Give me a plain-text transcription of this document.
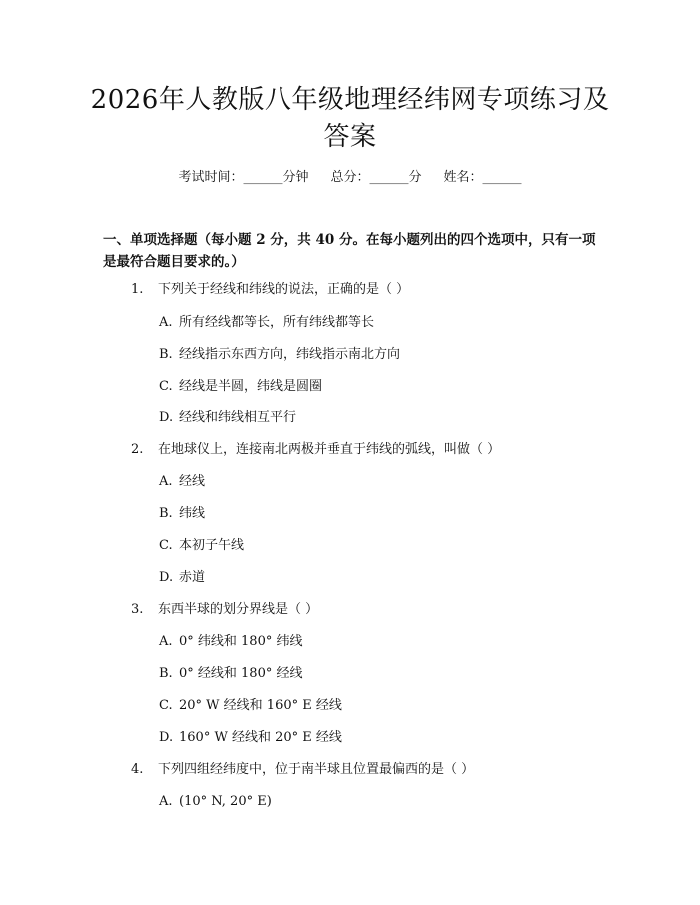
2026年人教版八年级地理经纬网专项练习及答案
考试时间：______分钟 总分：______分 姓名：______
一、单项选择题（每小题 2 分，共 40 分。在每小题列出的四个选项中，只有一项是最符合题目要求的。）
1. 下列关于经线和纬线的说法，正确的是（ ）
A. 所有经线都等长，所有纬线都等长
B. 经线指示东西方向，纬线指示南北方向
C. 经线是半圆，纬线是圆圈
D. 经线和纬线相互平行
2. 在地球仪上，连接南北两极并垂直于纬线的弧线，叫做（ ）
A. 经线
B. 纬线
C. 本初子午线
D. 赤道
3. 东西半球的划分界线是（ ）
A. 0° 纬线和 180° 纬线
B. 0° 经线和 180° 经线
C. 20° W 经线和 160° E 经线
D. 160° W 经线和 20° E 经线
4. 下列四组经纬度中，位于南半球且位置最偏西的是（ ）
A. (10° N, 20° E)
